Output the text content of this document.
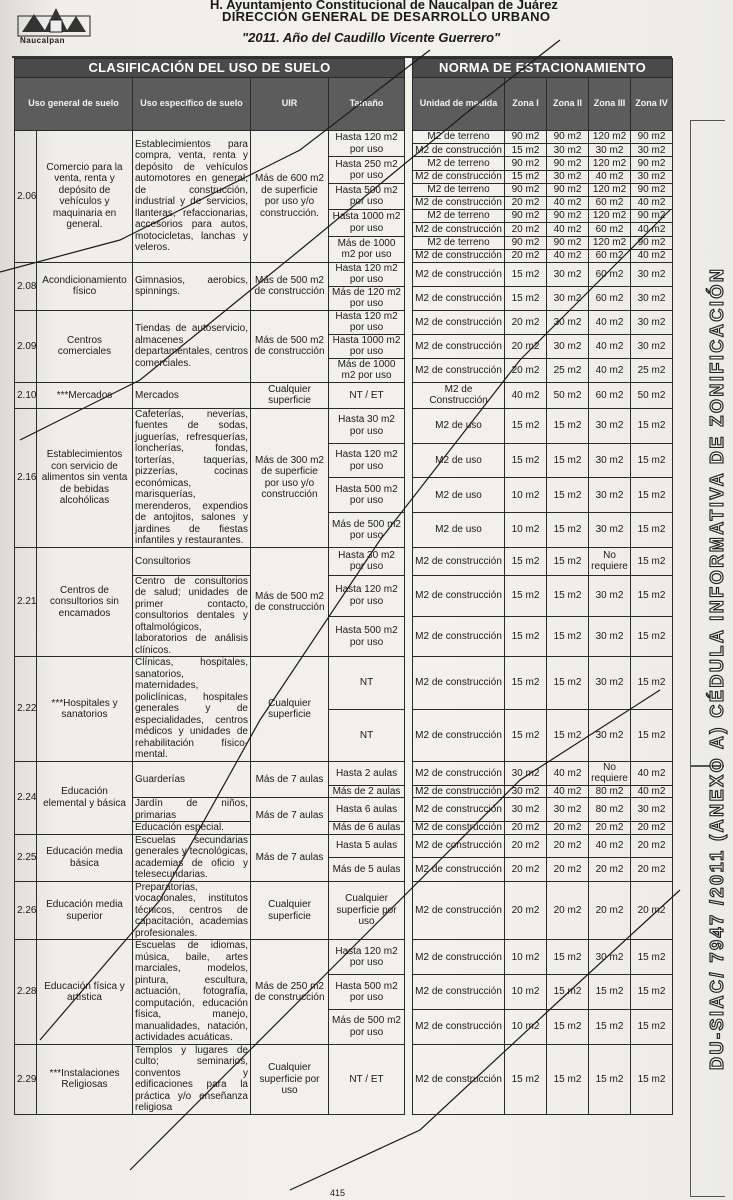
Naucalpan
H. Ayuntamiento Constitucional de Naucalpan de Juárez
DIRECCIÓN GENERAL DE DESARROLLO URBANO
"2011. Año del Caudillo Vicente Guerrero"
CLASIFICACIÓN DEL USO DE SUELO						NORMA DE ESTACIONAMIENTO				
Uso general de suelo		Uso específico de suelo	UIR	Tamaño		Unidad de medida	Zona I	Zona II	Zona III	Zona IV
2.06	Comercio para la venta, renta y depósito de vehículos y maquinaria en general.	Establecimientos para compra, venta, renta y depósito de vehículos automotores en general, de construcción, industrial y de servicios, llanteras, refaccionarias, accesorios para autos, motocicletas, lanchas y veleros.	Más de 600 m2 de superficie por uso y/o construcción.	Hasta 120 m2 por uso		M2 de terreno	90 m2	90 m2	120 m2	90 m2
						M2 de construcción	15 m2	30 m2	30 m2	30 m2
				Hasta 250 m2 por uso		M2 de terreno	90 m2	90 m2	120 m2	90 m2
						M2 de construcción	15 m2	30 m2	40 m2	30 m2
				Hasta 500 m2 por uso		M2 de terreno	90 m2	90 m2	120 m2	90 m2
						M2 de construcción	20 m2	40 m2	60 m2	40 m2
				Hasta 1000 m2 por uso		M2 de terreno	90 m2	90 m2	120 m2	90 m2
						M2 de construcción	20 m2	40 m2	60 m2	40 m2
				Más de 1000 m2 por uso		M2 de terreno	90 m2	90 m2	120 m2	90 m2
						M2 de construcción	20 m2	40 m2	60 m2	40 m2
2.08	Acondicionamiento físico	Gimnasios, aerobics, spinnings.	Más de 500 m2 de construcción	Hasta 120 m2 por uso		M2 de construcción	15 m2	30 m2	60 m2	30 m2
				Más de 120 m2 por uso		M2 de construcción	15 m2	30 m2	60 m2	30 m2
2.09	Centros comerciales	Tiendas de autoservicio, almacenes departamentales, centros comerciales.	Más de 500 m2 de construcción	Hasta 120 m2 por uso		M2 de construcción	20 m2	30 m2	40 m2	30 m2
				Hasta 1000 m2 por uso		M2 de construcción	20 m2	30 m2	40 m2	30 m2
				Más de 1000 m2 por uso		M2 de construcción	20 m2	25 m2	40 m2	25 m2
2.10	***Mercados	Mercados	Cualquier superficie	NT / ET		M2 de Construcción	40 m2	50 m2	60 m2	50 m2
2.16	Establecimientos con servicio de alimentos sin venta de bebidas alcohólicas	Cafeterías, neverías, fuentes de sodas, juguerías, refresquerías, loncherías, fondas, torterías, taquerías, pizzerías, cocinas económicas, marisquerías, merenderos, expendios de antojitos, salones y jardines de fiestas infantiles y restaurantes.	Más de 300 m2 de superficie por uso y/o construcción	Hasta 30 m2 por uso		M2 de uso	15 m2	15 m2	30 m2	15 m2
				Hasta 120 m2 por uso		M2 de uso	15 m2	15 m2	30 m2	15 m2
				Hasta 500 m2 por uso		M2 de uso	10 m2	15 m2	30 m2	15 m2
				Más de 500 m2 por uso		M2 de uso	10 m2	15 m2	30 m2	15 m2
2.21	Centros de consultorios sin encamados	Consultorios	Más de 500 m2 de construcción	Hasta 30 m2 por uso		M2 de construcción	15 m2	15 m2	No requiere	15 m2
		Centro de consultorios de salud; unidades de primer contacto, consultorios dentales y oftalmológicos, laboratorios de análisis clínicos.		Hasta 120 m2 por uso		M2 de construcción	15 m2	15 m2	30 m2	15 m2
				Hasta 500 m2 por uso		M2 de construcción	15 m2	15 m2	30 m2	15 m2
2.22	***Hospitales y sanatorios	Clínicas, hospitales, sanatorios, maternidades, policlínicas, hospitales generales y de especialidades, centros médicos y unidades de rehabilitación físico-mental.	Cualquier superficie	NT		M2 de construcción	15 m2	15 m2	30 m2	15 m2
				NT		M2 de construcción	15 m2	15 m2	30 m2	15 m2
2.24	Educación elemental y básica	Guarderías	Más de 7 aulas	Hasta 2 aulas		M2 de construcción	30 m2	40 m2	No requiere	40 m2
				Más de 2 aulas		M2 de construcción	30 m2	40 m2	80 m2	40 m2
		Jardín de niños, primarias	Más de 7 aulas	Hasta 6 aulas		M2 de construcción	30 m2	30 m2	80 m2	30 m2
		Educación especial.		Más de 6 aulas		M2 de construcción	20 m2	20 m2	20 m2	20 m2
2.25	Educación media básica	Escuelas secundarias generales y tecnológicas, academias de oficio y telesecundarias.	Más de 7 aulas	Hasta 5 aulas		M2 de construcción	20 m2	20 m2	40 m2	20 m2
				Más de 5 aulas		M2 de construcción	20 m2	20 m2	20 m2	20 m2
2.26	Educación media superior	Preparatorias, vocacionales, institutos técnicos, centros de capacitación, academias profesionales.	Cualquier superficie	Cualquier superficie por uso		M2 de construcción	20 m2	20 m2	20 m2	20 m2
2.28	Educación física y artística	Escuelas de idiomas, música, baile, artes marciales, modelos, pintura, escultura, actuación, fotografía, computación, educación física, manejo, manualidades, natación, actividades acuáticas.	Más de 250 m2 de construcción	Hasta 120 m2 por uso		M2 de construcción	10 m2	15 m2	30 m2	15 m2
				Hasta 500 m2 por uso		M2 de construcción	10 m2	15 m2	15 m2	15 m2
				Más de 500 m2 por uso		M2 de construcción	10 m2	15 m2	15 m2	15 m2
2.29	***Instalaciones Religiosas	Templos y lugares de culto; seminarios, conventos y edificaciones para la práctica y/o enseñanza religiosa	Cualquier superficie por uso	NT / ET		M2 de construcción	15 m2	15 m2	15 m2	15 m2
DU-SIAC/ 7947 /2011 (ANEXO A) CÉDULA INFORMATIVA DE ZONIFICACIÓN
415
